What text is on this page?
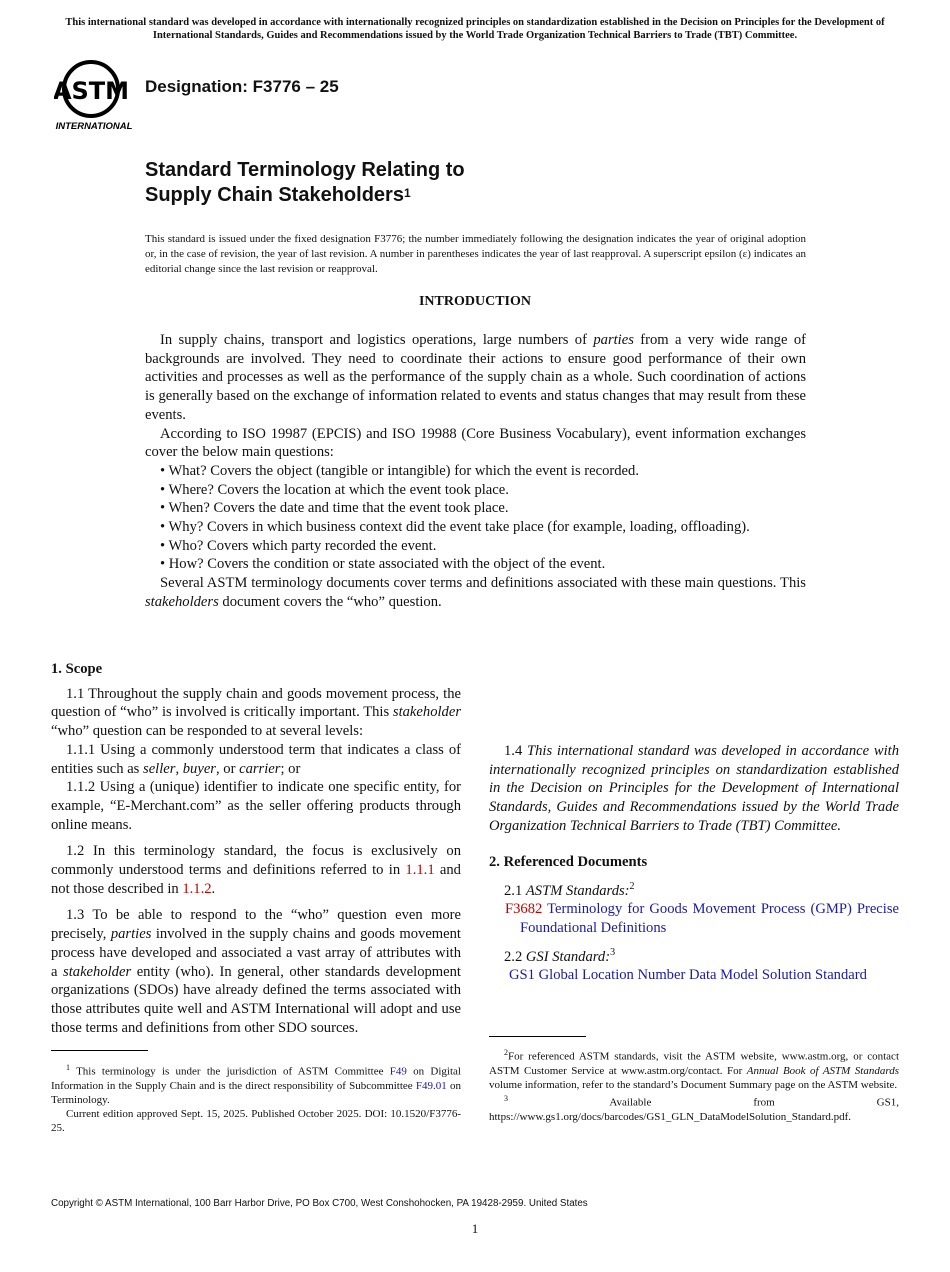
This international standard was developed in accordance with internationally recognized principles on standardization established in the Decision on Principles for the Development of International Standards, Guides and Recommendations issued by the World Trade Organization Technical Barriers to Trade (TBT) Committee.
ASTM
INTERNATIONAL
Designation: F3776 – 25
Standard Terminology Relating to
Supply Chain Stakeholders$^1$
This standard is issued under the fixed designation F3776; the number immediately following the designation indicates the year of original adoption or, in the case of revision, the year of last revision. A number in parentheses indicates the year of last reapproval. A superscript epsilon (ε) indicates an editorial change since the last revision or reapproval.
INTRODUCTION

In supply chains, transport and logistics operations, large numbers of parties from a very wide range of backgrounds are involved. They need to coordinate their actions to ensure good performance of their own activities and processes as well as the performance of the supply chain as a whole. Such coordination of actions is generally based on the exchange of information related to events and status changes that may result from these events.

According to ISO 19987 (EPCIS) and ISO 19988 (Core Business Vocabulary), event information exchanges cover the below main questions:

• What? Covers the object (tangible or intangible) for which the event is recorded.

• Where? Covers the location at which the event took place.

• When? Covers the date and time that the event took place.

• Why? Covers in which business context did the event take place (for example, loading, offloading).

• Who? Covers which party recorded the event.

• How? Covers the condition or state associated with the object of the event.

Several ASTM terminology documents cover terms and definitions associated with these main questions. This stakeholders document covers the “who” question.

1. Scope

1.1 Throughout the supply chain and goods movement process, the question of “who” is involved is critically important. This stakeholder “who” question can be responded to at several levels:

1.1.1 Using a commonly understood term that indicates a class of entities such as seller, buyer, or carrier; or

1.1.2 Using a (unique) identifier to indicate one specific entity, for example, “E-Merchant.com” as the seller offering products through online means.

1.2 In this terminology standard, the focus is exclusively on commonly understood terms and definitions referred to in 1.1.1 and not those described in 1.1.2.

1.3 To be able to respond to the “who” question even more precisely, parties involved in the supply chains and goods movement process have developed and associated a vast array of attributes with a stakeholder entity (who). In general, other standards development organizations (SDOs) have already defined the terms associated with those attributes quite well and ASTM International will adopt and use those terms and definitions from other SDO sources.

1.4 This international standard was developed in accordance with internationally recognized principles on standardization established in the Decision on Principles for the Development of International Standards, Guides and Recommendations issued by the World Trade Organization Technical Barriers to Trade (TBT) Committee.

2. Referenced Documents

2.1 ASTM Standards:$^2$

F3682 Terminology for Goods Movement Process (GMP) Precise Foundational Definitions

2.2 GSI Standard:$^3$

GS1 Global Location Number Data Model Solution Standard

$^1$ This terminology is under the jurisdiction of ASTM Committee F49 on Digital Information in the Supply Chain and is the direct responsibility of Subcommittee F49.01 on Terminology.

Current edition approved Sept. 15, 2025. Published October 2025. DOI: 10.1520/F3776-25.

$^2$For referenced ASTM standards, visit the ASTM website, www.astm.org, or contact ASTM Customer Service at www.astm.org/contact. For Annual Book of ASTM Standards volume information, refer to the standard’s Document Summary page on the ASTM website.

$^3$ Available from GS1, https://www.gs1.org/docs/barcodes/GS1_GLN_DataModelSolution_Standard.pdf.

Copyright © ASTM International, 100 Barr Harbor Drive, PO Box C700, West Conshohocken, PA 19428-2959. United States
1
